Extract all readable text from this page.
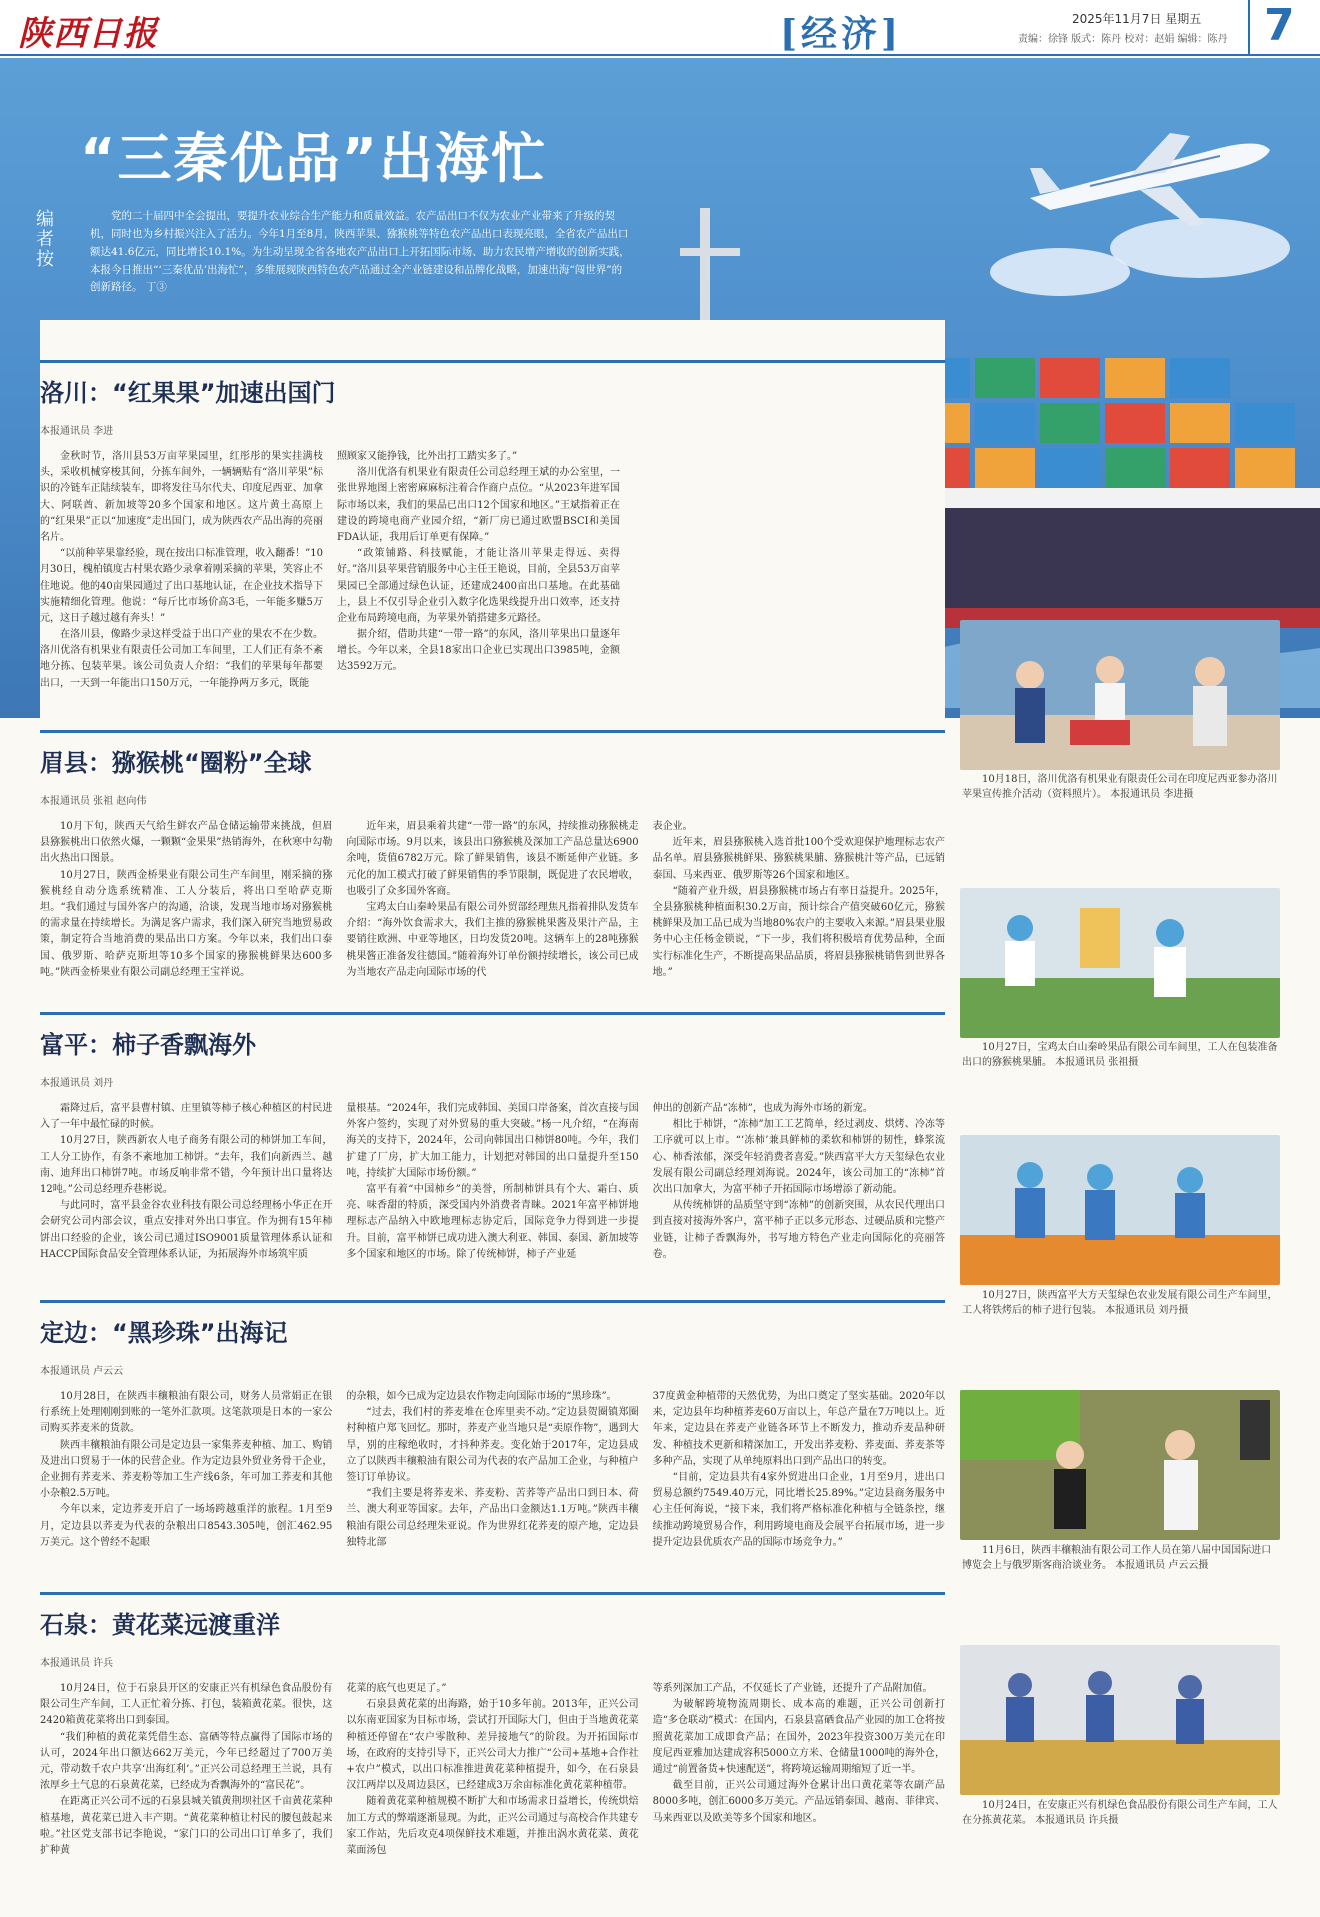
陕西日报	[经济]	2025年11月7日 星期五
责编：徐锋 版式：陈丹 校对：赵娟 编辑：陈丹 7
“三秦优品”出海忙
编者按
党的二十届四中全会提出，要提升农业综合生产能力和质量效益。农产品出口不仅为农业产业带来了升级的契机，同时也为乡村振兴注入了活力。今年1月至8月，陕西苹果、猕猴桃等特色农产品出口表现亮眼，全省农产品出口额达41.6亿元，同比增长10.1%。为生动呈现全省各地农产品出口上开拓国际市场、助力农民增产增收的创新实践，本报今日推出“‘三秦优品’出海忙”，多维展现陕西特色农产品通过全产业链建设和品牌化战略，加速出海“闯世界”的创新路径。 丁③
洛川：“红果果”加速出国门
本报通讯员 李进

金秋时节，洛川县53万亩苹果园里，红彤彤的果实挂满枝头，采收机械穿梭其间，分拣车间外，一辆辆贴有“洛川苹果”标识的冷链车正陆续装车，即将发往马尔代夫、印度尼西亚、加拿大、阿联酋、新加坡等20多个国家和地区。这片黄土高原上的“红果果”正以“加速度”走出国门，成为陕西农产品出海的亮丽名片。

“以前种苹果靠经验，现在按出口标准管理，收入翻番！”10月30日，槐柏镇度古村果农路少录拿着刚采摘的苹果，笑容止不住地说。他的40亩果园通过了出口基地认证，在企业技术指导下实施精细化管理。他说：“每斤比市场价高3毛，一年能多赚5万元，这日子越过越有奔头！”

在洛川县，像路少录这样受益于出口产业的果农不在少数。洛川优洛有机果业有限责任公司加工车间里，工人们正有条不紊地分拣、包装苹果。该公司负责人介绍：“我们的苹果每年都要出口，一天到一年能出口150万元，一年能挣两万多元，既能

照顾家又能挣钱，比外出打工踏实多了。”

洛川优洛有机果业有限责任公司总经理王斌的办公室里，一张世界地图上密密麻麻标注着合作商户点位。“从2023年进军国际市场以来，我们的果品已出口12个国家和地区。”王斌指着正在建设的跨境电商产业园介绍，“新厂房已通过欧盟BSCI和美国FDA认证，我用后订单更有保障。”

“政策铺路、科技赋能，才能让洛川苹果走得远、卖得好。”洛川县苹果营销服务中心主任王艳说，目前，全县53万亩苹果园已全部通过绿色认证，还建成2400亩出口基地。在此基础上，县上不仅引导企业引入数字化选果线提升出口效率，还支持企业布局跨境电商，为苹果外销搭建多元路径。

据介绍，借助共建“一带一路”的东风，洛川苹果出口量逐年增长。今年以来，全县18家出口企业已实现出口3985吨，金额达3592万元。

眉县：猕猴桃“圈粉”全球
本报通讯员 张祖 赵向伟

10月下旬，陕西天气给生鲜农产品仓储运输带来挑战，但眉县猕猴桃出口依然火爆，一颗颗“金果果”热销海外，在秋寒中勾勒出火热出口图景。

10月27日，陕西金桥果业有限公司生产车间里，刚采摘的猕猴桃经自动分选系统精准、工人分装后，将出口至哈萨克斯坦。“我们通过与国外客户的沟通，洽谈，发现当地市场对猕猴桃的需求量在持续增长。为满足客户需求，我们深入研究当地贸易政策，制定符合当地消费的果品出口方案。今年以来，我们出口泰国、俄罗斯、哈萨克斯坦等10多个国家的猕猴桃鲜果达600多吨。”陕西金桥果业有限公司副总经理王宝祥说。

近年来，眉县乘着共建“一带一路”的东风，持续推动猕猴桃走向国际市场。9月以来，该县出口猕猴桃及深加工产品总量达6900余吨，货值6782万元。除了鲜果销售，该县不断延伸产业链。多元化的加工模式打破了鲜果销售的季节限制，既促进了农民增收，也吸引了众多国外客商。

宝鸡太白山秦岭果品有限公司外贸部经理焦凡指着排队发货车介绍：“海外饮食需求大，我们主推的猕猴桃果酱及果汁产品，主要销往欧洲、中亚等地区，日均发货20吨。这辆车上的28吨猕猴桃果酱正准备发往德国。”随着海外订单份额持续增长，该公司已成为当地农产品走向国际市场的代

表企业。

近年来，眉县猕猴桃入选首批100个受欢迎保护地理标志农产品名单。眉县猕猴桃鲜果、猕猴桃果脯、猕猴桃汁等产品，已远销泰国、马来西亚、俄罗斯等26个国家和地区。

“随着产业升级，眉县猕猴桃市场占有率日益提升。2025年，全县猕猴桃种植面积30.2万亩，预计综合产值突破60亿元，猕猴桃鲜果及加工品已成为当地80%农户的主要收入来源。”眉县果业服务中心主任杨金锁说，“下一步，我们将积极培育优势品种，全面实行标准化生产，不断提高果品品质，将眉县猕猴桃销售到世界各地。”

富平：柿子香飘海外
本报通讯员 刘丹

霜降过后，富平县曹村镇、庄里镇等柿子核心种植区的村民进入了一年中最忙碌的时候。

10月27日，陕西新农人电子商务有限公司的柿饼加工车间，工人分工协作，有条不紊地加工柿饼。“去年，我们向新西兰、越南、迪拜出口柿饼7吨。市场反响非常不错，今年预计出口量将达12吨。”公司总经理乔巷彬说。

与此同时，富平县金谷农业科技有限公司总经理杨小华正在开会研究公司内部会议，重点安排对外出口事宜。作为拥有15年柿饼出口经验的企业，该公司已通过ISO9001质量管理体系认证和HACCP国际食品安全管理体系认证，为拓展海外市场筑牢质

量根基。“2024年，我们完成韩国、美国口岸备案，首次直接与国外客户签约，实现了对外贸易的重大突破。”杨一凡介绍，“在海南海关的支持下，2024年，公司向韩国出口柿饼80吨。今年，我们扩建了厂房，扩大加工能力，计划把对韩国的出口量提升至150吨，持续扩大国际市场份额。”

富平有着“中国柿乡”的美誉，所制柿饼具有个大、霜白、质亮、味香甜的特质，深受国内外消费者青睐。2021年富平柿饼地理标志产品纳入中欧地理标志协定后，国际竞争力得到进一步提升。目前，富平柿饼已成功进入澳大利亚、韩国、泰国、新加坡等多个国家和地区的市场。除了传统柿饼，柿子产业延

伸出的创新产品“冻柿”，也成为海外市场的新宠。

相比于柿饼，“冻柿”加工工艺简单，经过剥皮、烘烤、冷冻等工序就可以上市。“‘冻柿’兼具鲜柿的柔软和柿饼的韧性，蜂浆流心、柿香浓郁，深受年轻消费者喜爱。”陕西富平大方天玺绿色农业发展有限公司副总经理刘海说。2024年，该公司加工的“冻柿”首次出口加拿大，为富平柿子开拓国际市场增添了新动能。

从传统柿饼的品质坚守到“冻柿”的创新突围，从农民代理出口到直接对接海外客户，富平柿子正以多元形态、过硬品质和完整产业链，让柿子香飘海外，书写地方特色产业走向国际化的亮丽答卷。

定边：“黑珍珠”出海记
本报通讯员 卢云云

10月28日，在陕西丰穰粮油有限公司，财务人员常娟正在银行系统上处理刚刚到账的一笔外汇款项。这笔款项是日本的一家公司购买荞麦米的货款。

陕西丰穰粮油有限公司是定边县一家集荞麦种植、加工、购销及进出口贸易于一体的民营企业。作为定边县外贸业务骨干企业，企业拥有荞麦米、荞麦粉等加工生产线6条，年可加工荞麦和其他小杂粮2.5万吨。

今年以来，定边荞麦开启了一场场跨越重洋的旅程。1月至9月，定边县以荞麦为代表的杂粮出口8543.305吨，创汇462.95万美元。这个曾经不起眼

的杂粮，如今已成为定边县农作物走向国际市场的“黑珍珠”。

“过去，我们村的荞麦堆在仓库里卖不动。”定边县贺圈镇郑圈村种植户郑飞回忆。那时，荞麦产业当地只是“卖原作物”，遇到大旱，别的庄稼绝收时，才抖种荞麦。变化始于2017年，定边县成立了以陕西丰穰粮油有限公司为代表的农产品加工企业，与种植户签订订单协议。

“我们主要是将荞麦米、荞麦粉、苦荞等产品出口到日本、荷兰、澳大利亚等国家。去年，产品出口金额达1.1万吨。”陕西丰穰粮油有限公司总经理朱亚说。作为世界红花荞麦的原产地，定边县独特北部

37度黄金种植带的天然优势，为出口奠定了坚实基础。2020年以来，定边县年均种植荞麦60万亩以上，年总产量在7万吨以上。近年来，定边县在荞麦产业链各环节上不断发力，推动乔麦品种研发、种植技术更新和精深加工，开发出荞麦粉、荞麦面、荞麦茶等多种产品，实现了从单纯原料出口到产品出口的转变。

“目前，定边县共有4家外贸进出口企业，1月至9月，进出口贸易总额约7549.40万元，同比增长25.89%。”定边县商务服务中心主任何海说，“接下来，我们将严格标准化种植与全链条控，继续推动跨境贸易合作，利用跨境电商及会展平台拓展市场，进一步提升定边县优质农产品的国际市场竞争力。”

石泉：黄花菜远渡重洋
本报通讯员 许兵

10月24日，位于石泉县开区的安康正兴有机绿色食品股份有限公司生产车间，工人正忙着分拣、打包，装箱黄花菜。很快，这2420箱黄花菜将出口到泰国。

“我们种植的黄花菜凭借生态、富硒等特点赢得了国际市场的认可，2024年出口额达662万美元，今年已经超过了700万美元，带动数千农户共享‘出海红利’。”正兴公司总经理王兰说，具有浓厚乡土气息的石泉黄花菜，已经成为香飘海外的“富民花”。

在距离正兴公司不远的石泉县城关镇黄荆坝社区千亩黄花菜种植基地，黄花菜已进入丰产期。“黄花菜种植让村民的腰包鼓起来啦。”社区党支部书记李艳说，“家门口的公司出口订单多了，我们扩种黄

花菜的底气也更足了。”

石泉县黄花菜的出海路，始于10多年前。2013年，正兴公司以东南亚国家为目标市场，尝试打开国际大门，但由于当地黄花菜种植还停留在“农户零散种、差异接地气”的阶段。为开拓国际市场，在政府的支持引导下，正兴公司大力推广“公司+基地+合作社+农户”模式，以出口标准推进黄花菜种植提升，如今，在石泉县汉江两岸以及周边县区，已经建成3万余亩标准化黄花菜种植带。

随着黄花菜种植规模不断扩大和市场需求日益增长，传统烘焙加工方式的弊端逐渐显现。为此，正兴公司通过与高校合作共建专家工作站，先后攻克4项保鲜技术难题，并推出涡水黄花菜、黄花菜面汤包

等系列深加工产品，不仅延长了产业链，还提升了产品附加值。

为破解跨境物流周期长、成本高的难题，正兴公司创新打造“多仓联动”模式：在国内，石泉县富硒食品产业园的加工仓将按照黄花菜加工成即食产品；在国外，2023年投资300万美元在印度尼西亚雅加达建成容积5000立方米、仓储量1000吨的海外仓，通过“前置备货+快速配送”，将跨境运输周期缩短了近一半。

截至目前，正兴公司通过海外仓累计出口黄花菜等农副产品8000多吨，创汇6000多万美元。产品远销泰国、越南、菲律宾、马来西亚以及欧美等多个国家和地区。

10月18日，洛川优洛有机果业有限责任公司在印度尼西亚参办洛川苹果宣传推介活动（资料照片）。 本报通讯员 李进摄
10月27日，宝鸡太白山秦岭果品有限公司车间里，工人在包装准备出口的猕猴桃果脯。 本报通讯员 张祖摄
10月27日，陕西富平大方天玺绿色农业发展有限公司生产车间里，工人将铁烤后的柿子进行包装。 本报通讯员 刘丹摄
11月6日，陕西丰穰粮油有限公司工作人员在第八届中国国际进口博览会上与俄罗斯客商洽谈业务。 本报通讯员 卢云云摄
10月24日，在安康正兴有机绿色食品股份有限公司生产车间，工人在分拣黄花菜。 本报通讯员 许兵摄
